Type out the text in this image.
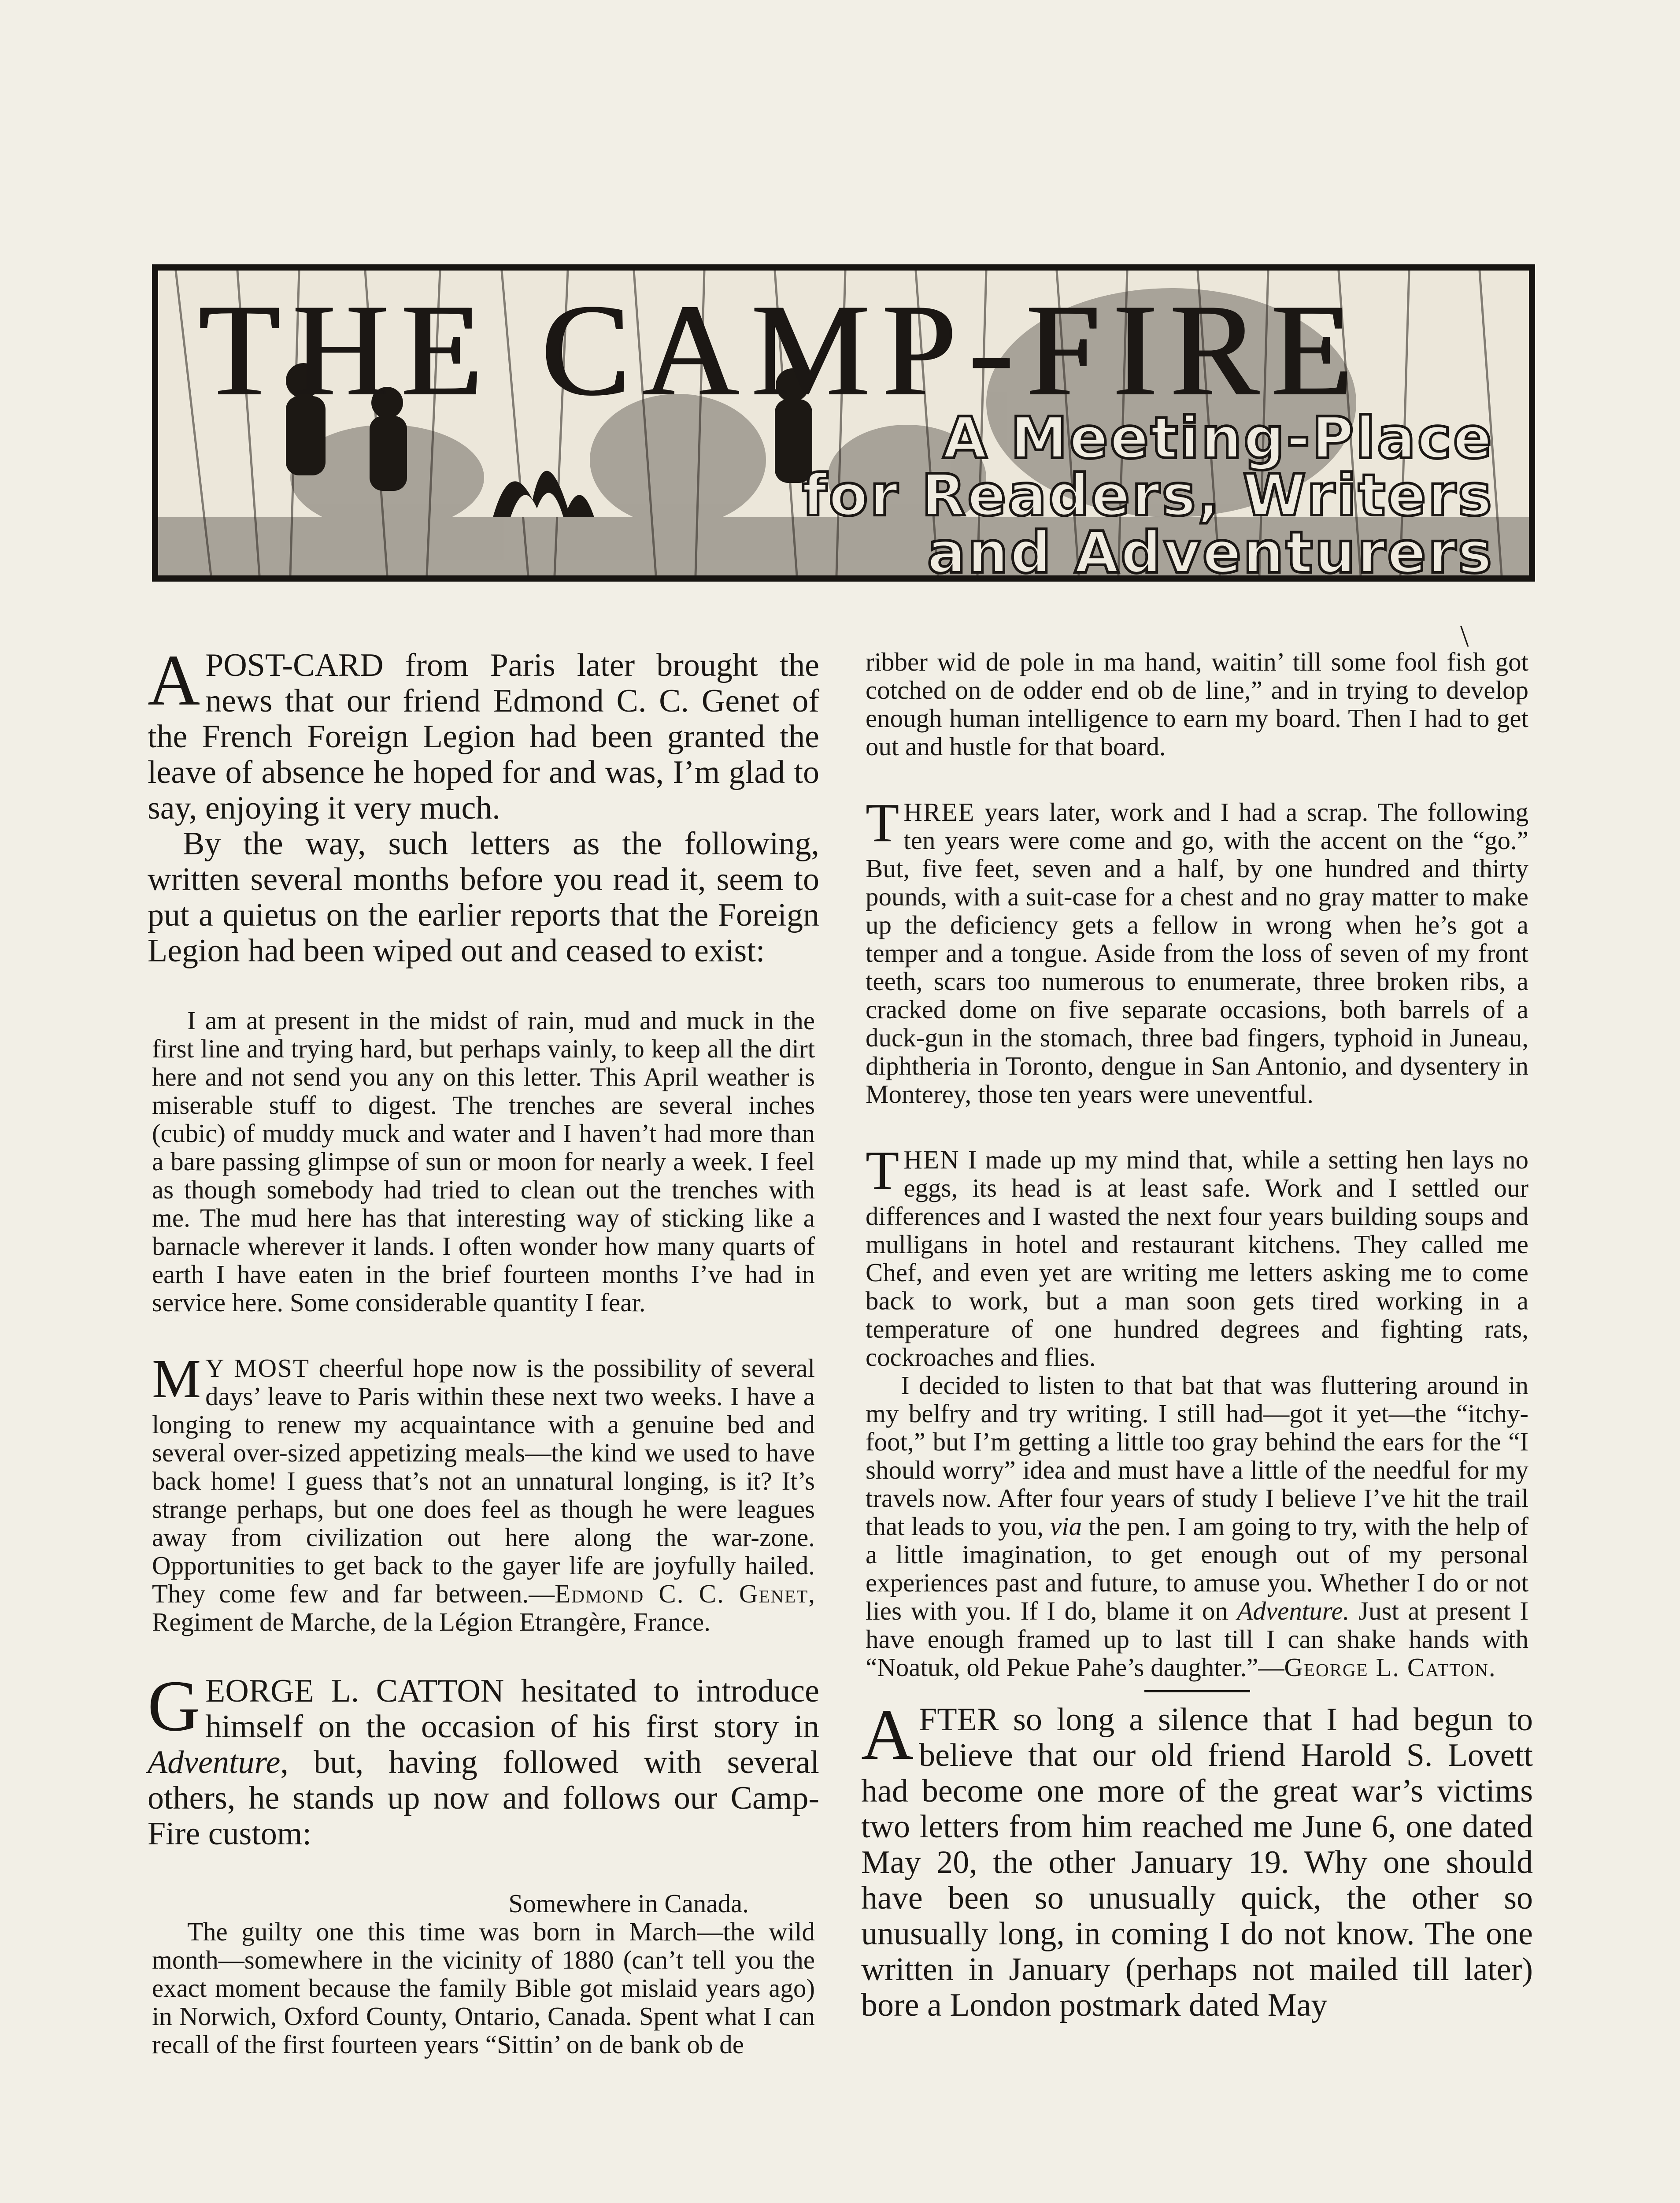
THE CAMP-FIRE
A Meeting-Place
for Readers, Writers
and Adventurers
\

APOST-CARD from Paris later brought the news that our friend Edmond C. C. Genet of the French Foreign Legion had been granted the leave of absence he hoped for and was, I’m glad to say, enjoying it very much.

By the way, such letters as the following, written several months before you read it, seem to put a quietus on the earlier reports that the Foreign Legion had been wiped out and ceased to exist:

I am at present in the midst of rain, mud and muck in the first line and trying hard, but perhaps vainly, to keep all the dirt here and not send you any on this letter. This April weather is miserable stuff to digest. The trenches are several inches (cubic) of muddy muck and water and I haven’t had more than a bare passing glimpse of sun or moon for nearly a week. I feel as though somebody had tried to clean out the trenches with me. The mud here has that interesting way of sticking like a barnacle wherever it lands. I often wonder how many quarts of earth I have eaten in the brief fourteen months I’ve had in service here. Some considerable quantity I fear.

M Y MOST cheerful hope now is the possibility of several days’ leave to Paris within these next two weeks. I have a longing to renew my acquaintance with a genuine bed and several over-sized appetizing meals—the kind we used to have back home! I guess that’s not an unnatural longing, is it? It’s strange perhaps, but one does feel as though he were leagues away from civilization out here along the war-zone. Opportunities to get back to the gayer life are joyfully hailed. They come few and far between.—Edmond C. C. Genet, Regiment de Marche, de la Légion Etrangère, France.

GEORGE L. CATTON hesitated to introduce himself on the occasion of his first story in Adventure, but, having followed with several others, he stands up now and follows our Camp-Fire custom:

Somewhere in Canada.

The guilty one this time was born in March—the wild month—somewhere in the vicinity of 1880 (can’t tell you the exact moment because the family Bible got mislaid years ago) in Norwich, Oxford County, Ontario, Canada. Spent what I can recall of the first fourteen years “Sittin’ on de bank ob de

ribber wid de pole in ma hand, waitin’ till some fool fish got cotched on de odder end ob de line,” and in trying to develop enough human intelligence to earn my board. Then I had to get out and hustle for that board.

THREE years later, work and I had a scrap. The following ten years were come and go, with the accent on the “go.” But, five feet, seven and a half, by one hundred and thirty pounds, with a suit-case for a chest and no gray matter to make up the deficiency gets a fellow in wrong when he’s got a temper and a tongue. Aside from the loss of seven of my front teeth, scars too numerous to enumerate, three broken ribs, a cracked dome on five separate occasions, both barrels of a duck-gun in the stomach, three bad fingers, typhoid in Juneau, diphtheria in Toronto, dengue in San Antonio, and dysentery in Monterey, those ten years were uneventful.

THEN I made up my mind that, while a setting hen lays no eggs, its head is at least safe. Work and I settled our differences and I wasted the next four years building soups and mulligans in hotel and restaurant kitchens. They called me Chef, and even yet are writing me letters asking me to come back to work, but a man soon gets tired working in a temperature of one hundred degrees and fighting rats, cockroaches and flies.

I decided to listen to that bat that was fluttering around in my belfry and try writing. I still had—got it yet—the “itchy-foot,” but I’m getting a little too gray behind the ears for the “I should worry” idea and must have a little of the needful for my travels now. After four years of study I believe I’ve hit the trail that leads to you, via the pen. I am going to try, with the help of a little imagination, to get enough out of my personal experiences past and future, to amuse you. Whether I do or not lies with you. If I do, blame it on Adventure. Just at present I have enough framed up to last till I can shake hands with “Noatuk, old Pekue Pahe’s daughter.”—George L. Catton.

AFTER so long a silence that I had begun to believe that our old friend Harold S. Lovett had become one more of the great war’s victims two letters from him reached me June 6, one dated May 20, the other January 19. Why one should have been so unusually quick, the other so unusually long, in coming I do not know. The one written in January (perhaps not mailed till later) bore a London postmark dated May
